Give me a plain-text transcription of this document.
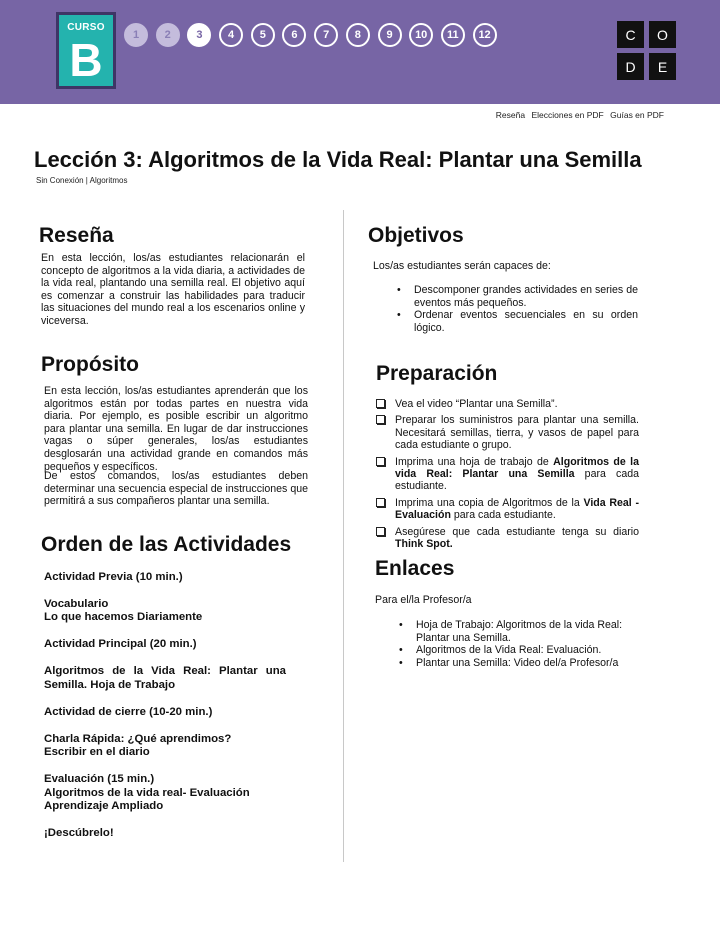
CURSO
B	1	2	3	4	5	6	7	8	9	10	11	12	C	O
D	E
Reseña Elecciones en PDF Guías en PDF
Lección 3: Algoritmos de la Vida Real: Plantar una Semilla
Sin Conexión | Algoritmos
Reseña
En esta lección, los/as estudiantes relacionarán el concepto de algoritmos a la vida diaria, a actividades de la vida real, plantando una semilla real. El objetivo aquí es comenzar a construir las habilidades para traducir las situaciones del mundo real a los escenarios online y viceversa.
Propósito
En esta lección, los/as estudiantes aprenderán que los algoritmos están por todas partes en nuestra vida diaria. Por ejemplo, es posible escribir un algoritmo para plantar una semilla. En lugar de dar instrucciones vagas o súper generales, los/as estudiantes desglosarán una actividad grande en comandos más pequeños y específicos.
De estos comandos, los/as estudiantes deben determinar una secuencia especial de instrucciones que permitirá a sus compañeros plantar una semilla.
Orden de las Actividades
Actividad Previa (10 min.)
Vocabulario
Lo que hacemos Diariamente
Actividad Principal (20 min.)
Algoritmos de la Vida Real: Plantar una Semilla. Hoja de Trabajo
Actividad de cierre (10-20 min.)
Charla Rápida: ¿Qué aprendimos?
Escribir en el diario
Evaluación (15 min.)
Algoritmos de la vida real- Evaluación
Aprendizaje Ampliado
¡Descúbrelo!
Objetivos
Los/as estudiantes serán capaces de:
• Descomponer grandes actividades en series de eventos más pequeños.
• Ordenar eventos secuenciales en su orden lógico.
Preparación
Vea el video “Plantar una Semilla”.
Preparar los suministros para plantar una semilla. Necesitará semillas, tierra, y vasos de papel para cada estudiante o grupo.
Imprima una hoja de trabajo de Algoritmos de la vida Real: Plantar una Semilla para cada estudiante.
Imprima una copia de Algoritmos de la Vida Real - Evaluación para cada estudiante.
Asegúrese que cada estudiante tenga su diario Think Spot.
Enlaces
Para el/la Profesor/a
• Hoja de Trabajo: Algoritmos de la vida Real: Plantar una Semilla.
• Algoritmos de la Vida Real: Evaluación.
• Plantar una Semilla: Video del/a Profesor/a
